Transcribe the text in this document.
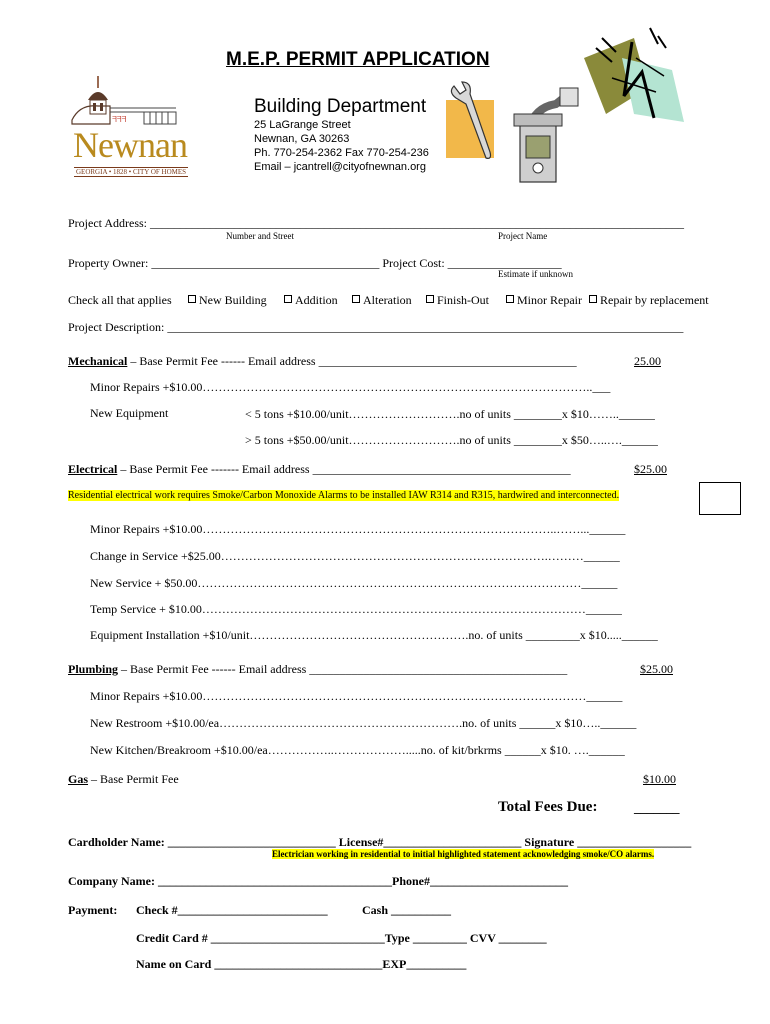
M.E.P. PERMIT APPLICATION
ᖷᖷᖷ
Newnan
GEORGIA • 1828 • CITY OF HOMES
Building Department
25 LaGrange Street
Newnan, GA 30263
Ph. 770-254-2362 Fax 770-254-236
Email – jcantrell@cityofnewnan.org
Project Address: _________________________________________________________________________________________
Number and Street	Project Name
Property Owner: ______________________________________ Project Cost: ___________________
Estimate if unknown
Check all that applies	New Building	Addition	Alteration	Finish-Out	Minor Repair	Repair by replacement
Project Description: ______________________________________________________________________________________
Mechanical – Base Permit Fee ------ Email address ___________________________________________	25.00
Minor Repairs +$10.00……………………………………………………………………………………..___
New Equipment	< 5 tons +$10.00/unit……………………….no of units ________x $10……..______
> 5 tons +$50.00/unit……………………….no of units ________x $50…..….______
Electrical – Base Permit Fee ------- Email address ___________________________________________	$25.00
Residential electrical work requires Smoke/Carbon Monoxide Alarms to be installed IAW R314 and R315, hardwired and interconnected.
Minor Repairs +$10.00……………………………………………………………………………..……...______
Change in Service +$25.00……………………………………………………………………….………______
New Service + $50.00……………………………………………………………………………………______
Temp Service + $10.00……………………………………………………………………………………______
Equipment Installation +$10/unit……………………………………………….no. of units _________x $10.....______
Plumbing – Base Permit Fee ------ Email address ___________________________________________	$25.00
Minor Repairs +$10.00……………………………………………………………………………………______
New Restroom +$10.00/ea…………………………………………………….no. of units ______x $10…..______
New Kitchen/Breakroom +$10.00/ea……………..……………….....no. of kit/brkrms ______x $10. ….______
Gas – Base Permit Fee	$10.00
Total Fees Due:	_______
Cardholder Name: ____________________________ License#_______________________ Signature ___________________
Electrician working in residential to initial highlighted statement acknowledging smoke/CO alarms.
Company Name: _______________________________________Phone#_______________________
Payment: Check #_________________________	Cash __________
Credit Card # _____________________________Type _________ CVV ________
Name on Card ____________________________EXP__________
